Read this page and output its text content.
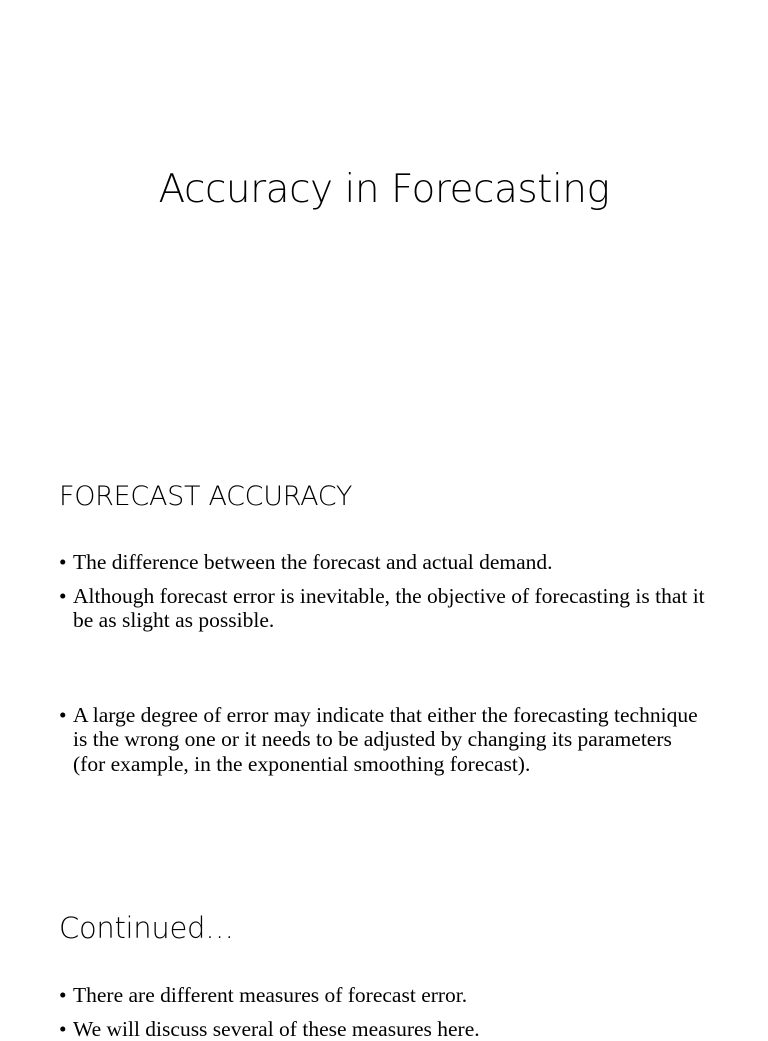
Accuracy in Forecasting
FORECAST ACCURACY
• The difference between the forecast and actual demand.
• Although forecast error is inevitable, the objective of forecasting is that it be as slight as possible.
• A large degree of error may indicate that either the forecasting technique is the wrong one or it needs to be adjusted by changing its parameters (for example, in the exponential smoothing forecast).
Continued…
• There are different measures of forecast error.
• We will discuss several of these measures here.
